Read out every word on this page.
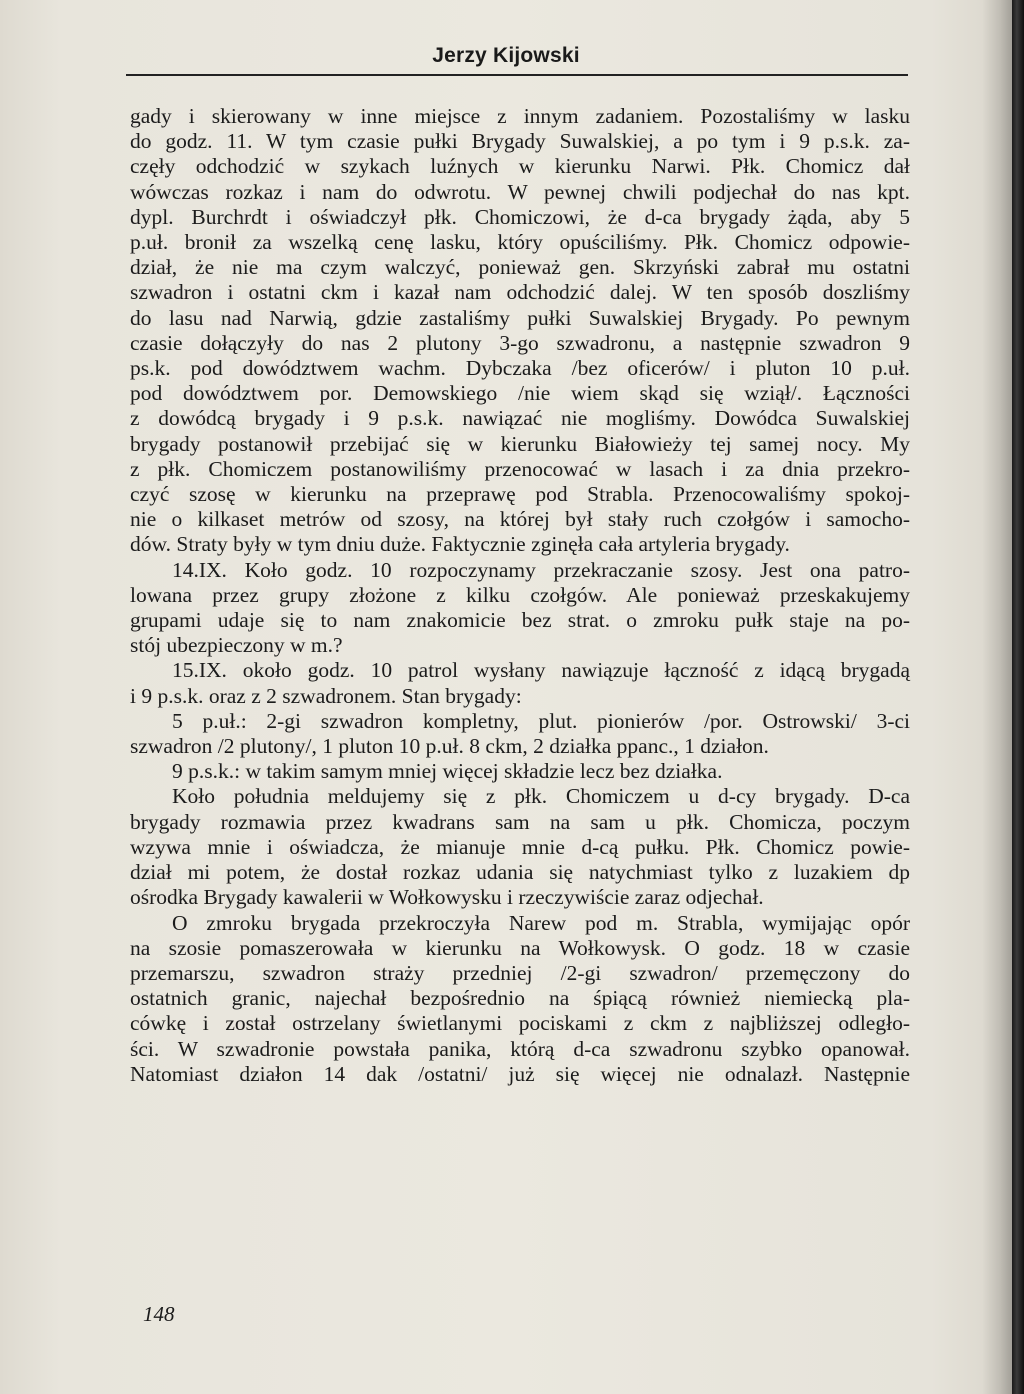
Jerzy Kijowski
gady i skierowany w inne miejsce z innym zadaniem. Pozostaliśmy w lasku
do godz. 11. W tym czasie pułki Brygady Suwalskiej, a po tym i 9 p.s.k. za-
częły odchodzić w szykach luźnych w kierunku Narwi. Płk. Chomicz dał
wówczas rozkaz i nam do odwrotu. W pewnej chwili podjechał do nas kpt.
dypl. Burchrdt i oświadczył płk. Chomiczowi, że d-ca brygady żąda, aby 5
p.uł. bronił za wszelką cenę lasku, który opuściliśmy. Płk. Chomicz odpowie-
dział, że nie ma czym walczyć, ponieważ gen. Skrzyński zabrał mu ostatni
szwadron i ostatni ckm i kazał nam odchodzić dalej. W ten sposób doszliśmy
do lasu nad Narwią, gdzie zastaliśmy pułki Suwalskiej Brygady. Po pewnym
czasie dołączyły do nas 2 plutony 3-go szwadronu, a następnie szwadron 9
ps.k. pod dowództwem wachm. Dybczaka /bez oficerów/ i pluton 10 p.uł.
pod dowództwem por. Demowskiego /nie wiem skąd się wziął/. Łączności
z dowódcą brygady i 9 p.s.k. nawiązać nie mogliśmy. Dowódca Suwalskiej
brygady postanowił przebijać się w kierunku Białowieży tej samej nocy. My
z płk. Chomiczem postanowiliśmy przenocować w lasach i za dnia przekro-
czyć szosę w kierunku na przeprawę pod Strabla. Przenocowaliśmy spokoj-
nie o kilkaset metrów od szosy, na której był stały ruch czołgów i samocho-
dów. Straty były w tym dniu duże. Faktycznie zginęła cała artyleria brygady.
14.IX. Koło godz. 10 rozpoczynamy przekraczanie szosy. Jest ona patro-
lowana przez grupy złożone z kilku czołgów. Ale ponieważ przeskakujemy
grupami udaje się to nam znakomicie bez strat. o zmroku pułk staje na po-
stój ubezpieczony w m.?
15.IX. około godz. 10 patrol wysłany nawiązuje łączność z idącą brygadą
i 9 p.s.k. oraz z 2 szwadronem. Stan brygady:
5 p.uł.: 2-gi szwadron kompletny, plut. pionierów /por. Ostrowski/ 3-ci
szwadron /2 plutony/, 1 pluton 10 p.uł. 8 ckm, 2 działka ppanc., 1 działon.
9 p.s.k.: w takim samym mniej więcej składzie lecz bez działka.
Koło południa meldujemy się z płk. Chomiczem u d-cy brygady. D-ca
brygady rozmawia przez kwadrans sam na sam u płk. Chomicza, poczym
wzywa mnie i oświadcza, że mianuje mnie d-cą pułku. Płk. Chomicz powie-
dział mi potem, że dostał rozkaz udania się natychmiast tylko z luzakiem dp
ośrodka Brygady kawalerii w Wołkowysku i rzeczywiście zaraz odjechał.
O zmroku brygada przekroczyła Narew pod m. Strabla, wymijając opór
na szosie pomaszerowała w kierunku na Wołkowysk. O godz. 18 w czasie
przemarszu, szwadron straży przedniej /2-gi szwadron/ przemęczony do
ostatnich granic, najechał bezpośrednio na śpiącą również niemiecką pla-
cówkę i został ostrzelany świetlanymi pociskami z ckm z najbliższej odległo-
ści. W szwadronie powstała panika, którą d-ca szwadronu szybko opanował.
Natomiast działon 14 dak /ostatni/ już się więcej nie odnalazł. Następnie
148
